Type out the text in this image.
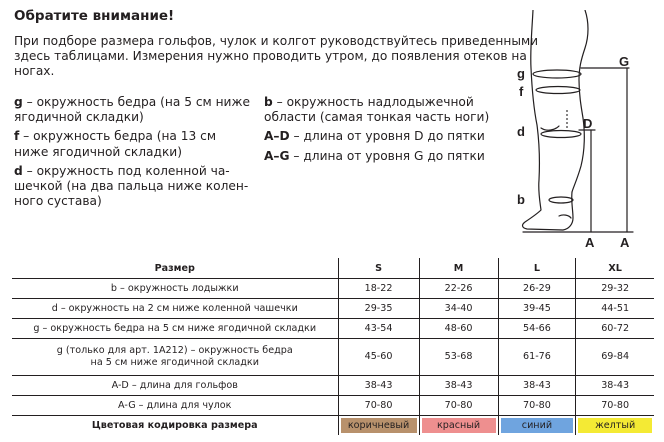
Обратите внимание!
При подборе размера гольфов, чулок и колгот руководствуйтесь приведенными
здесь таблицами. Измерения нужно проводить утром, до появления отеков на
ногах.

g – окружность бедра (на 5 см ниже
ягодичной складки)

f – окружность бедра (на 13 см
ниже ягодичной складки)

d – окружность под коленной ча-
шечкой (на два пальца ниже колен-
ного сустава)

b – окружность надлодыжечной
области (самая тонкая часть ноги)

A–D – длина от уровня D до пятки

A–G – длина от уровня G до пятки

g
f
d
b
G
D
A A
Размер	S	M	L	XL
b – окружность лодыжки	18-22	22-26	26-29	29-32
d – окружность на 2 см ниже коленной чашечки	29-35	34-40	39-45	44-51
g – окружность бедра на 5 см ниже ягодичной складки	43-54	48-60	54-66	60-72

g (только для арт. 1А212) – окружность бедра
на 5 см ниже ягодичной складки	45-60	53-68	61-76	69-84
A-D – длина для гольфов	38-43	38-43	38-43	38-43
A-G – длина для чулок	70-80	70-80	70-80	70-80
Цветовая кодировка размера	коричневый	красный	синий	желтый
